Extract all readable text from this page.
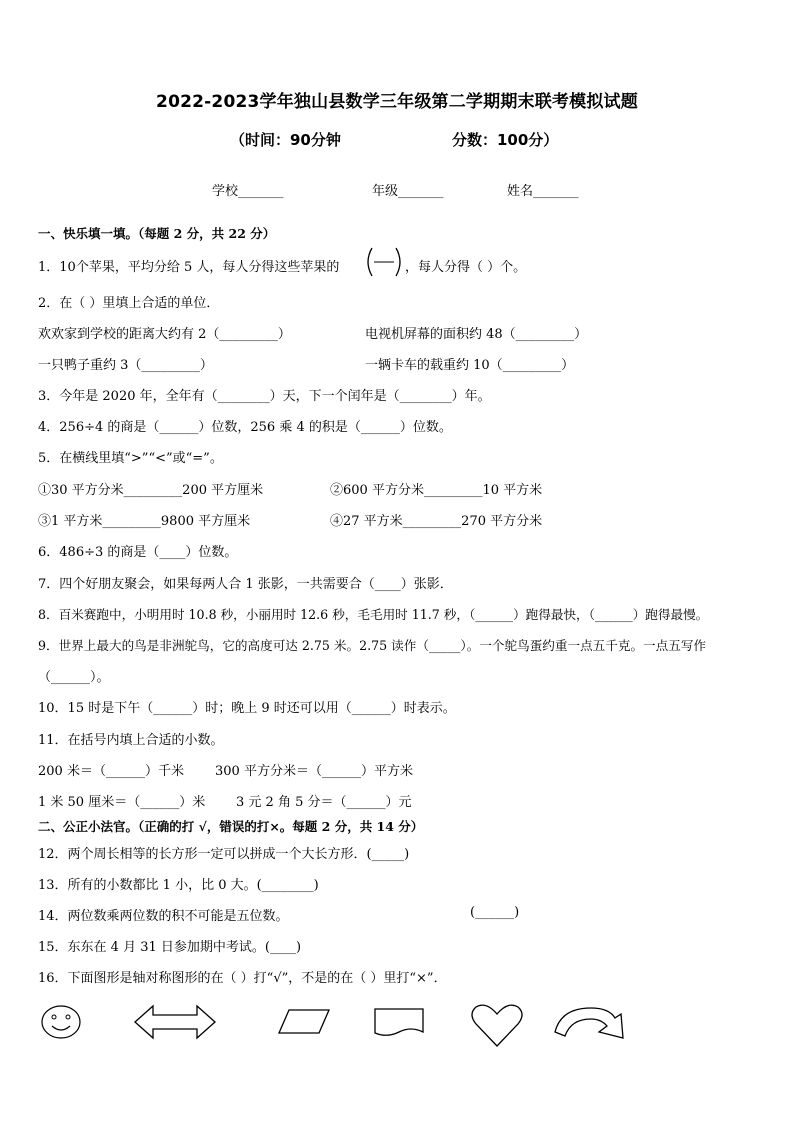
2022-2023学年独山县数学三年级第二学期期末联考模拟试题
（时间：90分钟	分数：100分）
学校_______	年级_______	姓名_______
一、快乐填一填。（每题 2 分，共 22 分）
1．10个苹果，平均分给 5 人，每人分得这些苹果的	，每人分得（ ）个。
2．在（ ）里填上合适的单位．
欢欢家到学校的距离大约有 2（_________）	电视机屏幕的面积约 48（_________）
一只鸭子重约 3（_________）	一辆卡车的载重约 10（_________）
3．今年是 2020 年，全年有（________）天，下一个闰年是（________）年。
4．256÷4 的商是（______）位数，256 乘 4 的积是（______）位数。
5．在横线里填“>”“<”或“=”。
①30 平方分米_________200 平方厘米	②600 平方分米_________10 平方米
③1 平方米_________9800 平方厘米	④27 平方米_________270 平方分米
6．486÷3 的商是（____）位数。
7．四个好朋友聚会，如果每两人合 1 张影，一共需要合（____）张影．
8．百米赛跑中，小明用时 10.8 秒，小丽用时 12.6 秒，毛毛用时 11.7 秒，（______）跑得最快，（______）跑得最慢。
9．世界上最大的鸟是非洲鸵鸟，它的高度可达 2.75 米。2.75 读作（_____）。一个鸵鸟蛋约重一点五千克。一点五写作
（______）。
10．15 时是下午（______）时；晚上 9 时还可以用（______）时表示。
11．在括号内填上合适的小数。
200 米＝（______）千米 300 平方分米＝（______）平方米
1 米 50 厘米＝（______）米 3 元 2 角 5 分＝（______）元
二、公正小法官。（正确的打 √，错误的打×。每题 2 分，共 14 分）
12．两个周长相等的长方形一定可以拼成一个大长方形．(_____)
13．所有的小数都比 1 小，比 0 大。(________)
14．两位数乘两位数的积不可能是五位数。	(______)
15．东东在 4 月 31 日参加期中考试。(____)
16．下面图形是轴对称图形的在（ ）打“√”，不是的在（ ）里打“×”．
